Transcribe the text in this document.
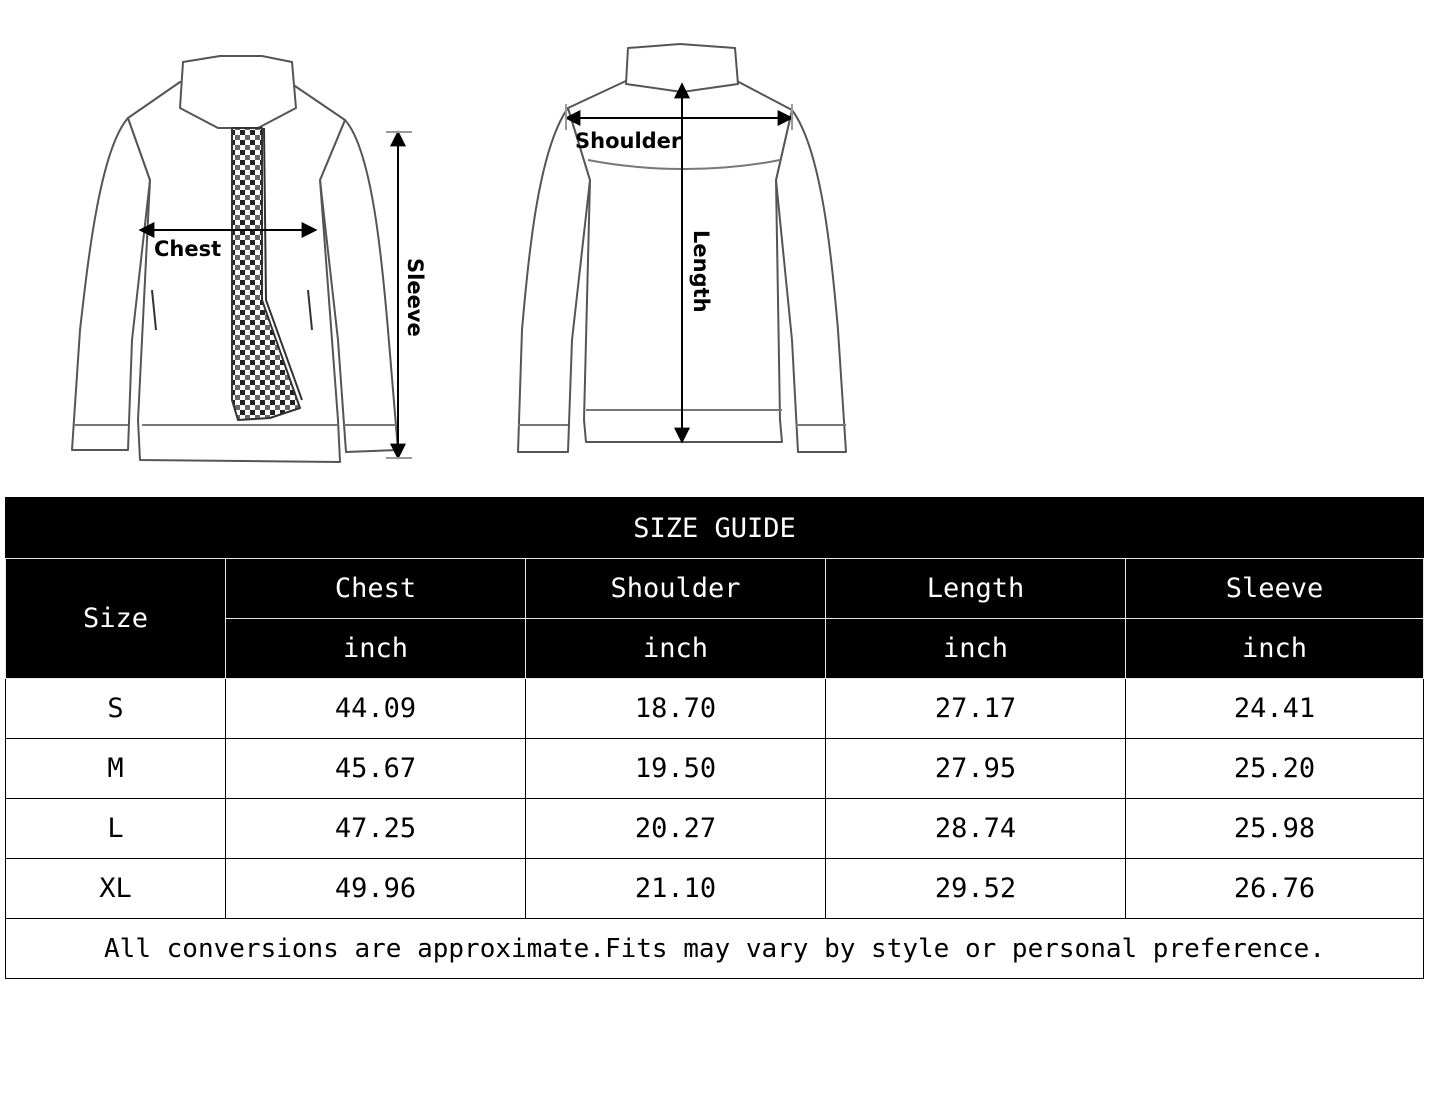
Chest
Sleeve
Shoulder
Length
SIZE GUIDE				
Size	Chest	Shoulder	Length	Sleeve
	inch	inch	inch	inch
S	44.09	18.70	27.17	24.41
M	45.67	19.50	27.95	25.20
L	47.25	20.27	28.74	25.98
XL	49.96	21.10	29.52	26.76
All conversions are approximate.Fits may vary by style or personal preference.				
